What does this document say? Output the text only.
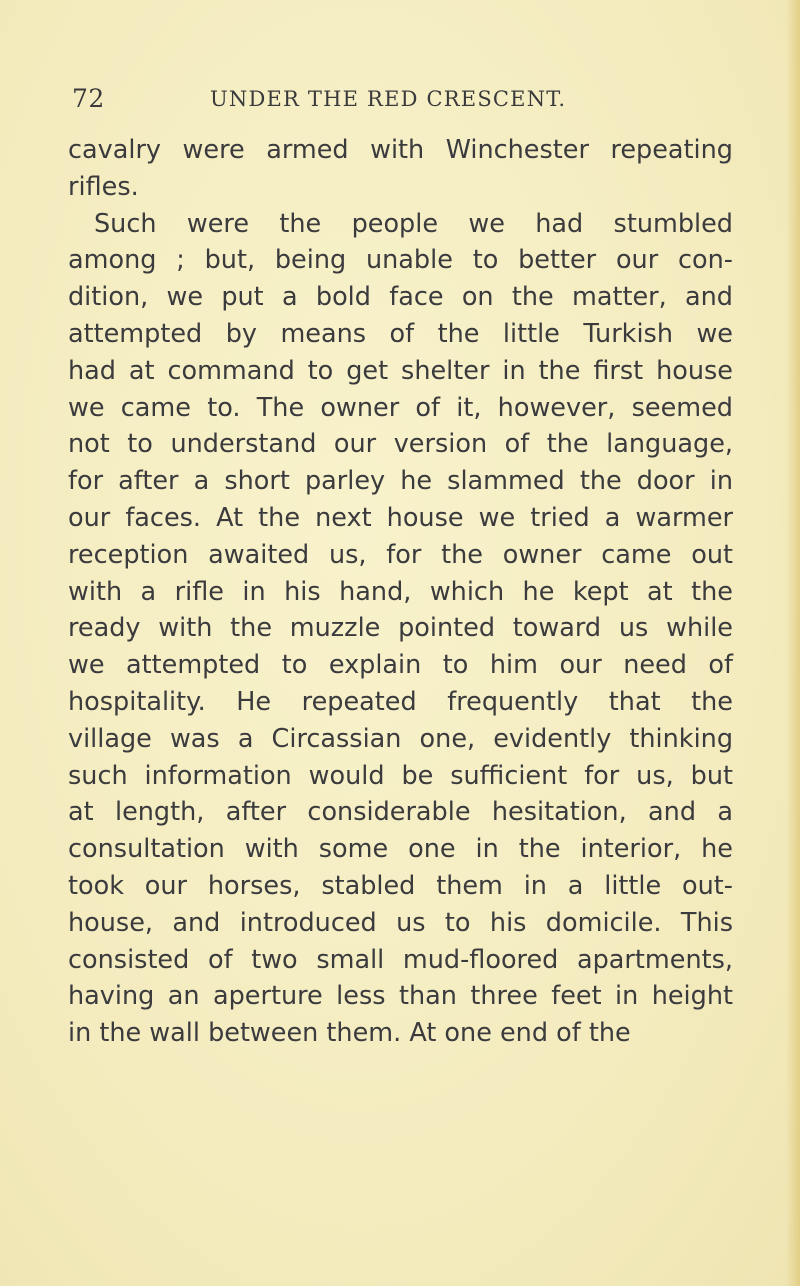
72	UNDER THE RED CRESCENT.
cavalry were armed with Winchester repeating
rifles.
Such were the people we had stumbled
among ; but, being unable to better our con-
dition, we put a bold face on the matter, and
attempted by means of the little Turkish we
had at command to get shelter in the first house
we came to. The owner of it, however, seemed
not to understand our version of the language,
for after a short parley he slammed the door in
our faces. At the next house we tried a warmer
reception awaited us, for the owner came out
with a rifle in his hand, which he kept at the
ready with the muzzle pointed toward us while
we attempted to explain to him our need of
hospitality. He repeated frequently that the
village was a Circassian one, evidently thinking
such information would be sufficient for us, but
at length, after considerable hesitation, and a
consultation with some one in the interior, he
took our horses, stabled them in a little out-
house, and introduced us to his domicile. This
consisted of two small mud-floored apartments,
having an aperture less than three feet in height
in the wall between them. At one end of the
